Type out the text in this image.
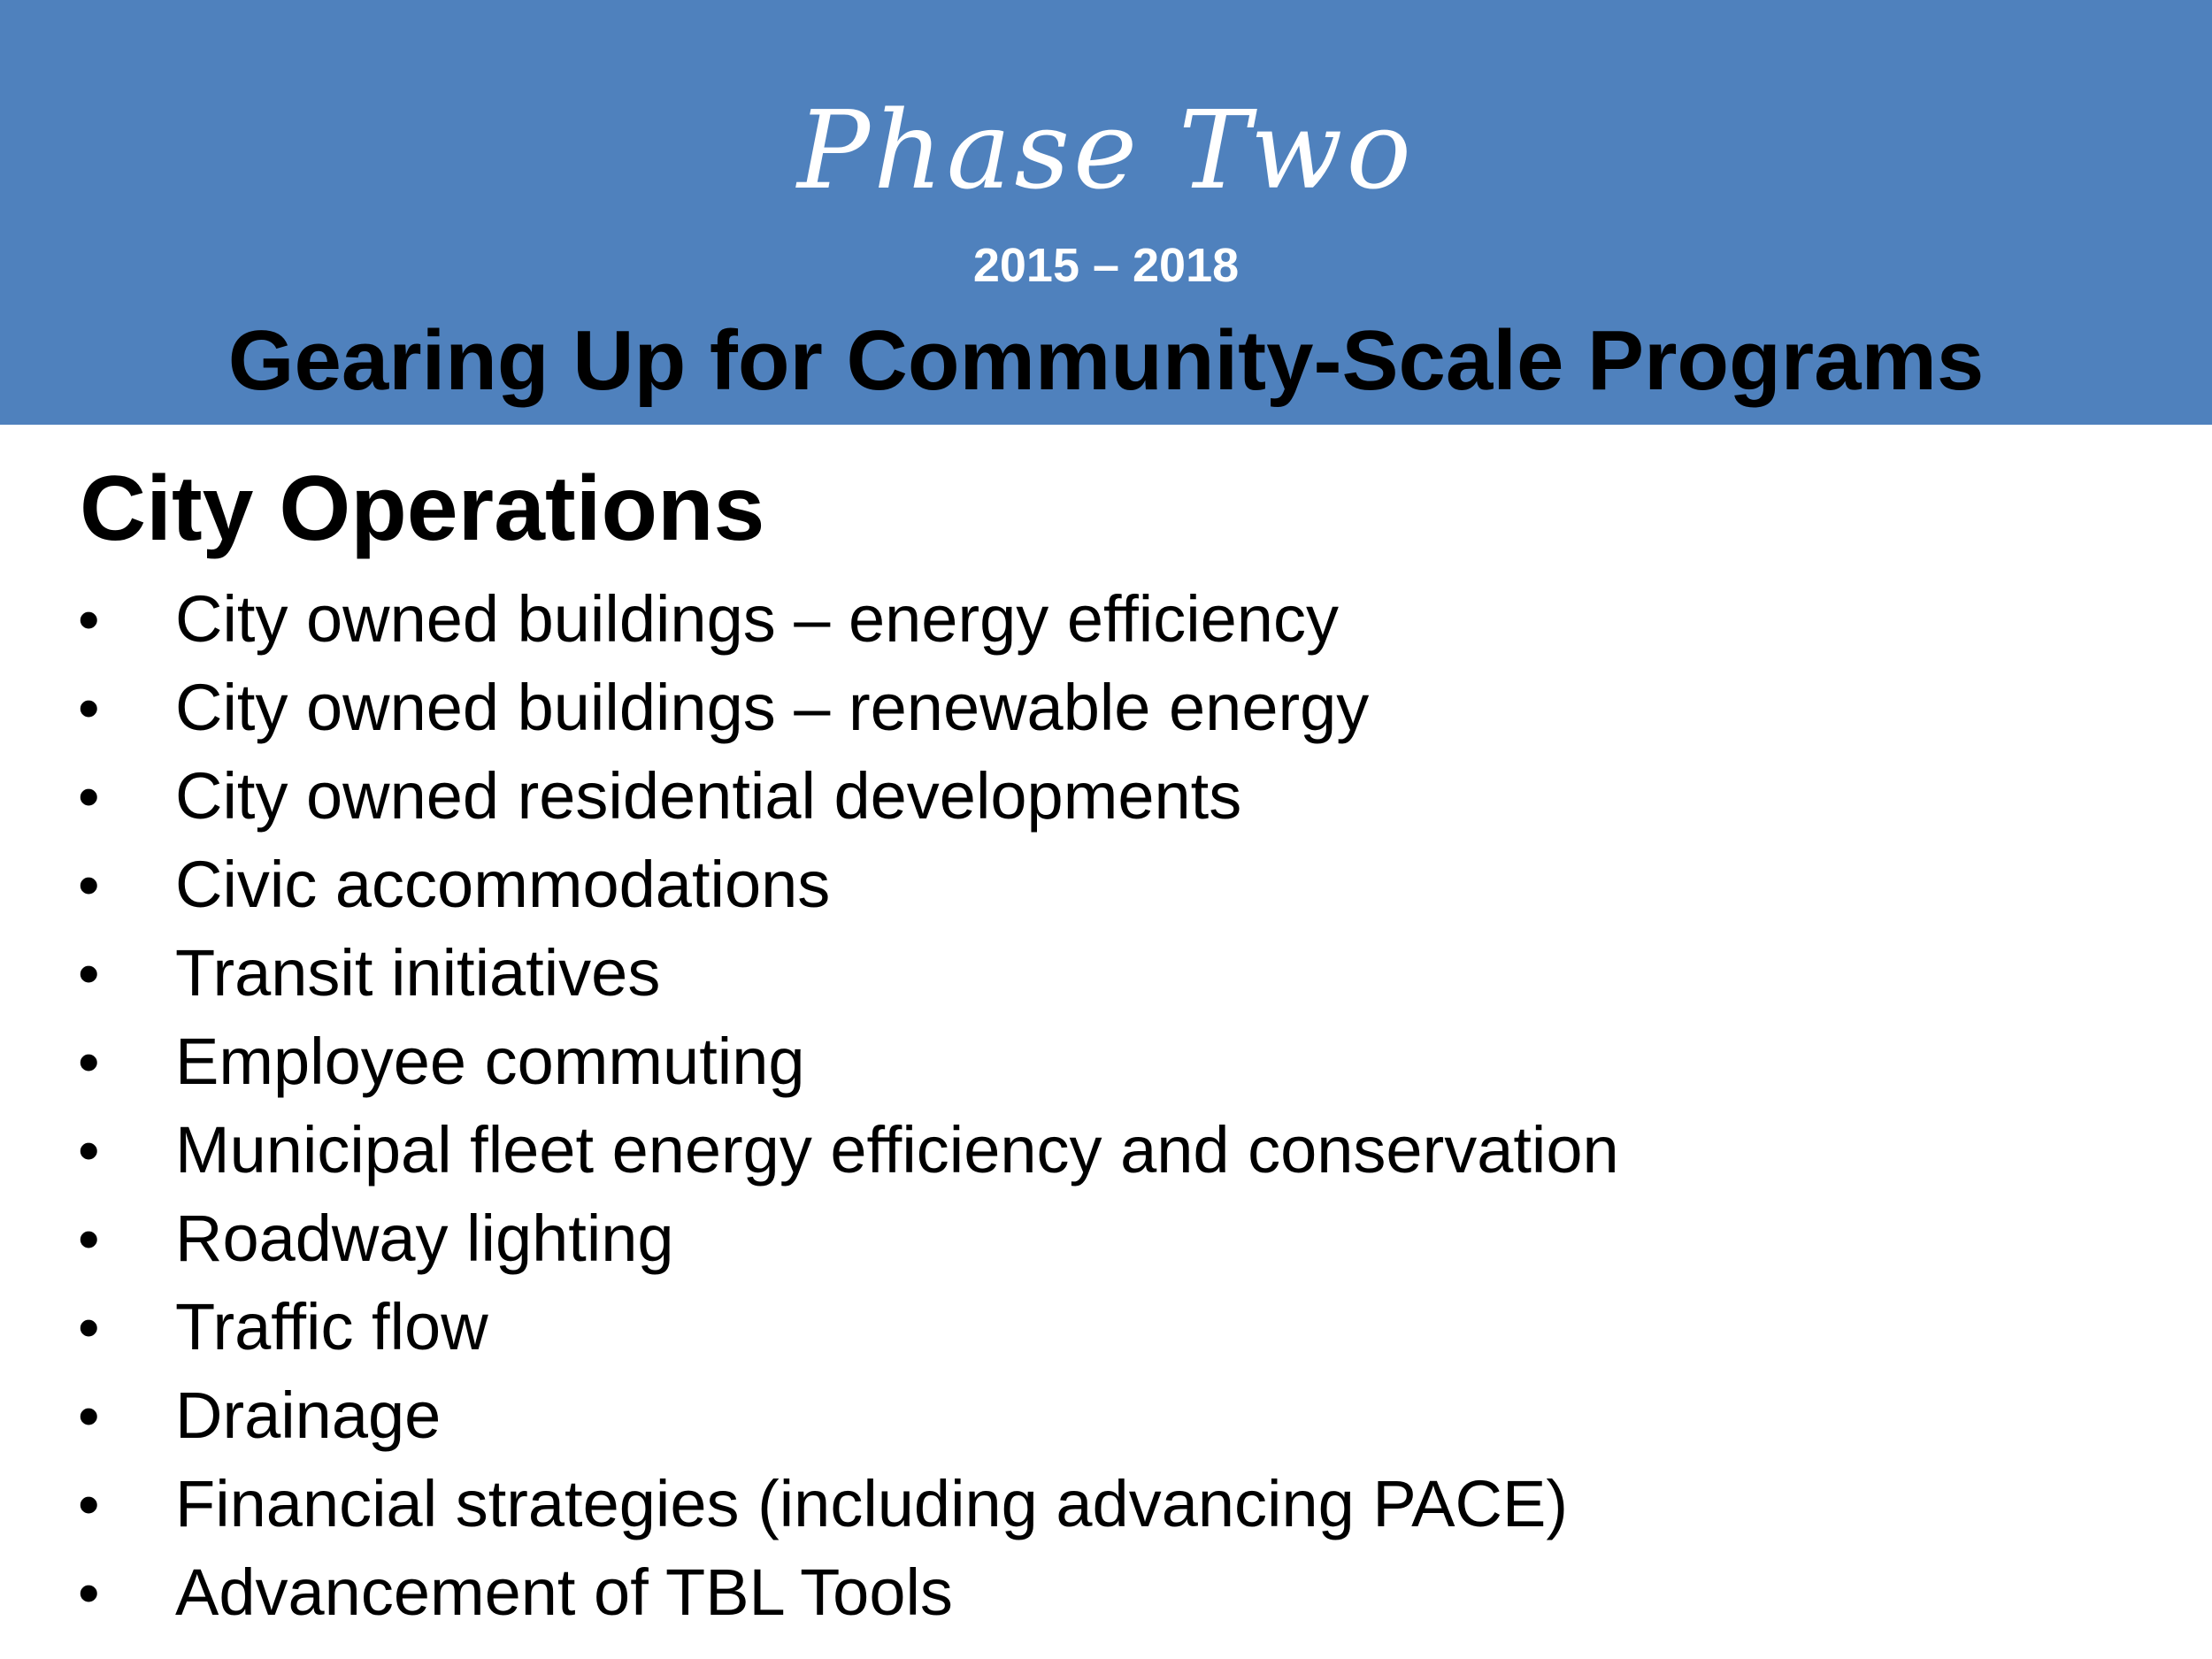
Phase Two
2015 – 2018
Gearing Up for Community-Scale Programs
City Operations
• City owned buildings – energy efficiency
• City owned buildings – renewable energy
• City owned residential developments
• Civic accommodations
• Transit initiatives
• Employee commuting
• Municipal fleet energy efficiency and conservation
• Roadway lighting
• Traffic flow
• Drainage
• Financial strategies (including advancing PACE)
• Advancement of TBL Tools
